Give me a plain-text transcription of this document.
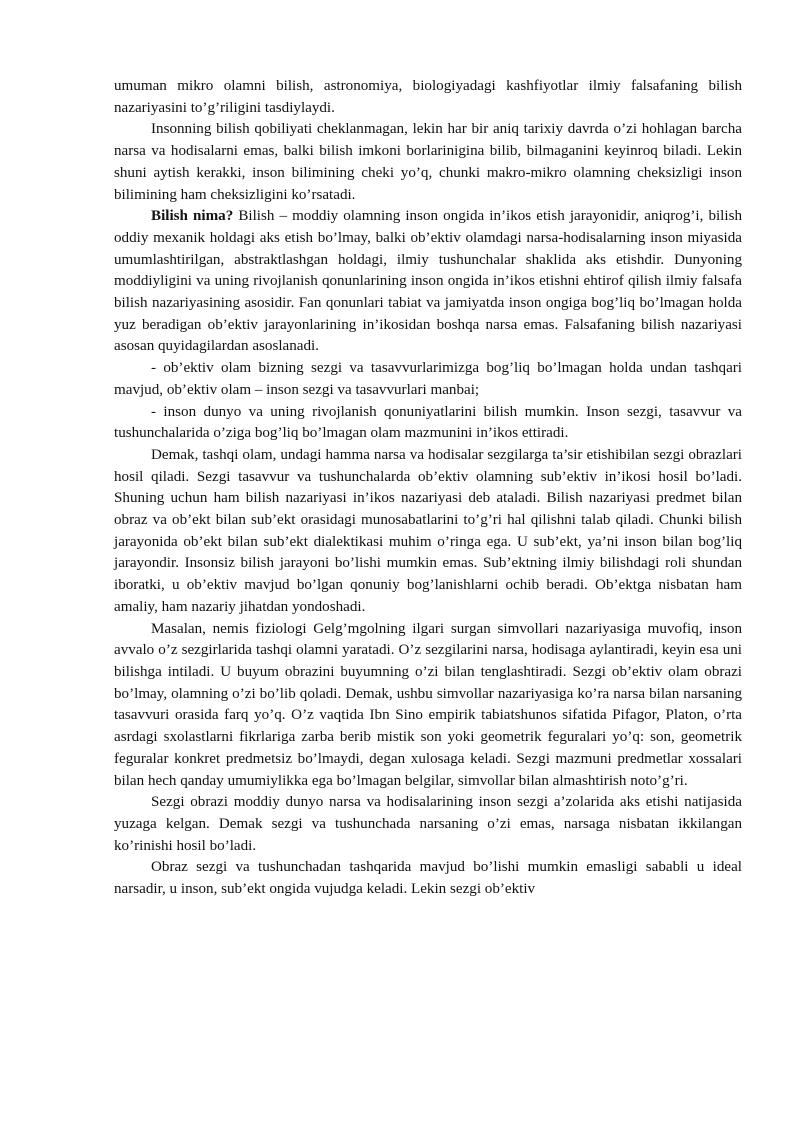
umuman mikro olamni bilish, astronomiya, biologiyadagi kashfiyotlar ilmiy falsafaning bilish nazariyasini to’g’riligini tasdiylaydi.

Insonning bilish qobiliyati cheklanmagan, lekin har bir aniq tarixiy davrda o’zi hohlagan barcha narsa va hodisalarni emas, balki bilish imkoni borlarinigina bilib, bilmaganini keyinroq biladi. Lekin shuni aytish kerakki, inson bilimining cheki yo’q, chunki makro-mikro olamning cheksizligi inson bilimining ham cheksizligini ko’rsatadi.

Bilish nima? Bilish – moddiy olamning inson ongida in’ikos etish jarayonidir, aniqrog’i, bilish oddiy mexanik holdagi aks etish bo’lmay, balki ob’ektiv olamdagi narsa-hodisalarning inson miyasida umumlashtirilgan, abstraktlashgan holdagi, ilmiy tushunchalar shaklida aks etishdir. Dunyoning moddiyligini va uning rivojlanish qonunlarining inson ongida in’ikos etishni ehtirof qilish ilmiy falsafa bilish nazariyasining asosidir. Fan qonunlari tabiat va jamiyatda inson ongiga bog’liq bo’lmagan holda yuz beradigan ob’ektiv jarayonlarining in’ikosidan boshqa narsa emas. Falsafaning bilish nazariyasi asosan quyidagilardan asoslanadi.

- ob’ektiv olam bizning sezgi va tasavvurlarimizga bog’liq bo’lmagan holda undan tashqari mavjud, ob’ektiv olam – inson sezgi va tasavvurlari manbai;

- inson dunyo va uning rivojlanish qonuniyatlarini bilish mumkin. Inson sezgi, tasavvur va tushunchalarida o’ziga bog’liq bo’lmagan olam mazmunini in’ikos ettiradi.

Demak, tashqi olam, undagi hamma narsa va hodisalar sezgilarga ta’sir etishibilan sezgi obrazlari hosil qiladi. Sezgi tasavvur va tushunchalarda ob’ektiv olamning sub’ektiv in’ikosi hosil bo’ladi. Shuning uchun ham bilish nazariyasi in’ikos nazariyasi deb ataladi. Bilish nazariyasi predmet bilan obraz va ob’ekt bilan sub’ekt orasidagi munosabatlarini to’g’ri hal qilishni talab qiladi. Chunki bilish jarayonida ob’ekt bilan sub’ekt dialektikasi muhim o’ringa ega. U sub’ekt, ya’ni inson bilan bog’liq jarayondir. Insonsiz bilish jarayoni bo’lishi mumkin emas. Sub’ektning ilmiy bilishdagi roli shundan iboratki, u ob’ektiv mavjud bo’lgan qonuniy bog’lanishlarni ochib beradi. Ob’ektga nisbatan ham amaliy, ham nazariy jihatdan yondoshadi.

Masalan, nemis fiziologi Gelg’mgolning ilgari surgan simvollari nazariyasiga muvofiq, inson avvalo o’z sezgirlarida tashqi olamni yaratadi. O’z sezgilarini narsa, hodisaga aylantiradi, keyin esa uni bilishga intiladi. U buyum obrazini buyumning o’zi bilan tenglashtiradi. Sezgi ob’ektiv olam obrazi bo’lmay, olamning o’zi bo’lib qoladi. Demak, ushbu simvollar nazariyasiga ko’ra narsa bilan narsaning tasavvuri orasida farq yo’q. O’z vaqtida Ibn Sino empirik tabiatshunos sifatida Pifagor, Platon, o’rta asrdagi sxolastlarni fikrlariga zarba berib mistik son yoki geometrik feguralari yo’q: son, geometrik feguralar konkret predmetsiz bo’lmaydi, degan xulosaga keladi. Sezgi mazmuni predmetlar xossalari bilan hech qanday umumiylikka ega bo’lmagan belgilar, simvollar bilan almashtirish noto’g’ri.

Sezgi obrazi moddiy dunyo narsa va hodisalarining inson sezgi a’zolarida aks etishi natijasida yuzaga kelgan. Demak sezgi va tushunchada narsaning o’zi emas, narsaga nisbatan ikkilangan ko’rinishi hosil bo’ladi.

Obraz sezgi va tushunchadan tashqarida mavjud bo’lishi mumkin emasligi sababli u ideal narsadir, u inson, sub’ekt ongida vujudga keladi. Lekin sezgi ob’ektiv
